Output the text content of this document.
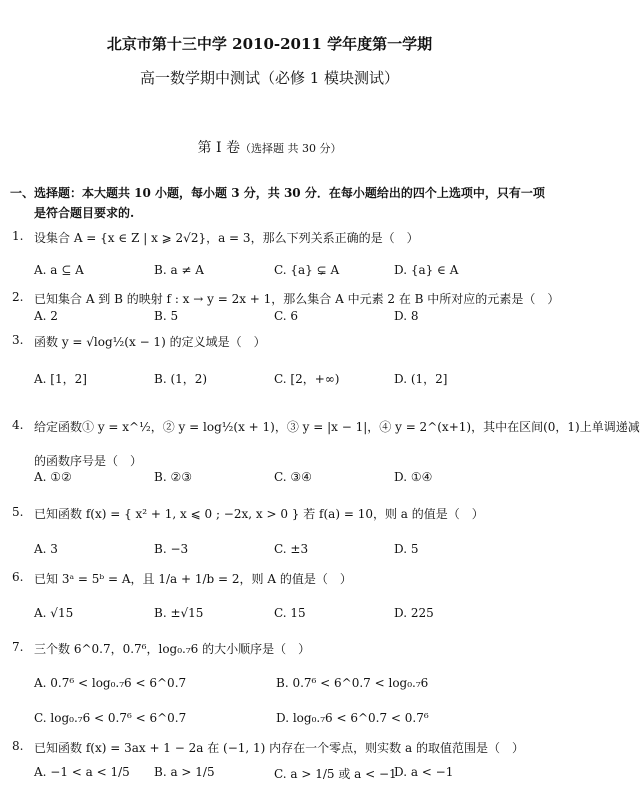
北京市第十三中学 2010-2011 学年度第一学期
高一数学期中测试（必修 1 模块测试）
第 I 卷（选择题 共 30 分）
一、选择题：本大题共 10 小题，每小题 3 分，共 30 分．在每小题给出的四个上选项中，只有一项
是符合题目要求的.
1. 设集合 A = {x ∈ Z | x ⩾ 2√2}，a = 3，那么下列关系正确的是（　）
A. a ⊆ A	B. a ≠ A	C. {a} ⊊ A	D. {a} ∈ A
2. 已知集合 A 到 B 的映射 f : x → y = 2x + 1，那么集合 A 中元素 2 在 B 中所对应的元素是（　）
A. 2	B. 5	C. 6	D. 8
3. 函数 y = √log½(x − 1) 的定义域是（　）
A. [1，2]	B. (1，2)	C. [2，+∞)	D. (1，2]
4. 给定函数① y = x^½，② y = log½(x + 1)，③ y = |x − 1|，④ y = 2^(x+1)，其中在区间(0，1)上单调递减
的函数序号是（　）
A. ①②	B. ②③	C. ③④	D. ①④
5. 已知函数 f(x) = { x² + 1, x ⩽ 0 ; −2x, x > 0 } 若 f(a) = 10，则 a 的值是（　）
A. 3	B. −3	C. ±3	D. 5
6. 已知 3ᵃ = 5ᵇ = A，且 1/a + 1/b = 2，则 A 的值是（　）
A. √15	B. ±√15	C. 15	D. 225
7. 三个数 6^0.7，0.7⁶，log₀.₇6 的大小顺序是（　）
A. 0.7⁶ < log₀.₇6 < 6^0.7	B. 0.7⁶ < 6^0.7 < log₀.₇6
C. log₀.₇6 < 0.7⁶ < 6^0.7	D. log₀.₇6 < 6^0.7 < 0.7⁶
8. 已知函数 f(x) = 3ax + 1 − 2a 在 (−1, 1) 内存在一个零点，则实数 a 的取值范围是（　）
A. −1 < a < 1/5 B. a > 1/5	C. a > 1/5 或 a < −1
D. a < −1
